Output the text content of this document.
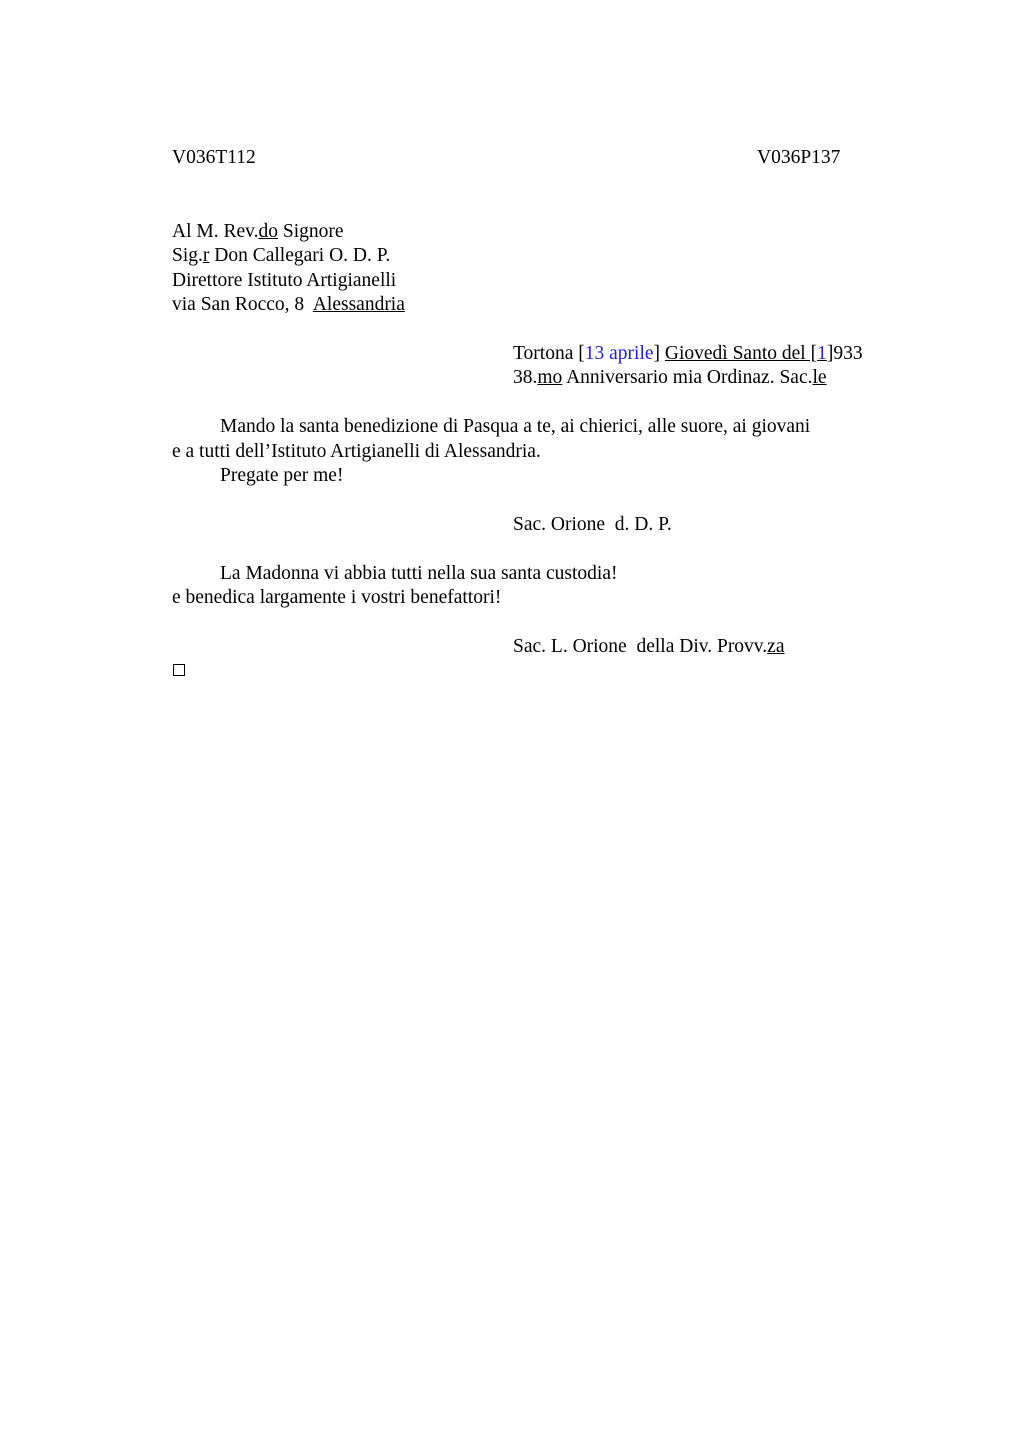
V036T112	V036P137
Al M. Rev.do Signore
Sig.r Don Callegari O. D. P.
Direttore Istituto Artigianelli
via San Rocco, 8  Alessandria
Tortona [13 aprile] Giovedì Santo del [1]933
38.mo Anniversario mia Ordinaz. Sac.le
Mando la santa benedizione di Pasqua a te, ai chierici, alle suore, ai giovani
e a tutti dell’Istituto Artigianelli di Alessandria.
Pregate per me!
Sac. Orione  d. D. P.
La Madonna vi abbia tutti nella sua santa custodia!
e benedica largamente i vostri benefattori!
Sac. L. Orione  della Div. Provv.za
